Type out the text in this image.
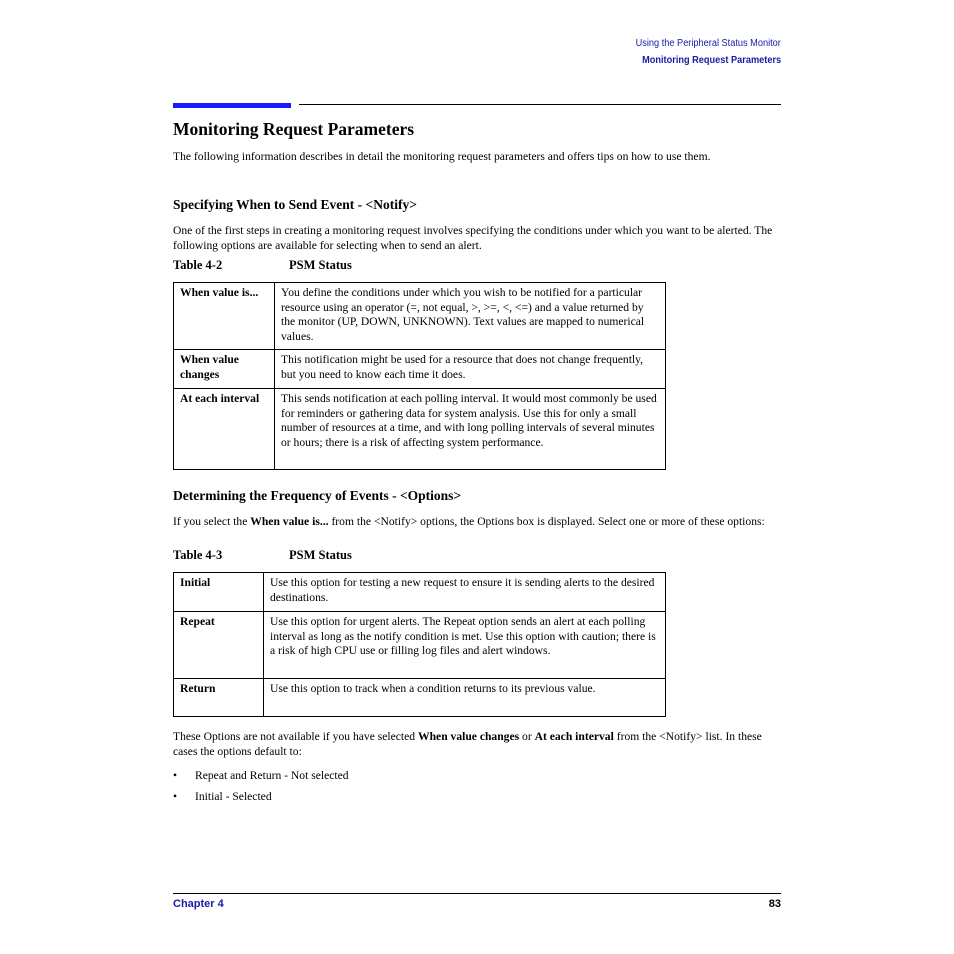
Using the Peripheral Status Monitor
Monitoring Request Parameters
Monitoring Request Parameters
The following information describes in detail the monitoring request parameters and offers tips on how to use them.
Specifying When to Send Event - <Notify>
One of the first steps in creating a monitoring request involves specifying the conditions under which you want to be alerted. The following options are available for selecting when to send an alert.
Table 4-2	PSM Status
When value is...	You define the conditions under which you wish to be notified for a particular resource using an operator (=, not equal, >, >=, <, <=) and a value returned by the monitor (UP, DOWN, UNKNOWN). Text values are mapped to numerical values.
When value changes	This notification might be used for a resource that does not change frequently, but you need to know each time it does.
At each interval	This sends notification at each polling interval. It would most commonly be used for reminders or gathering data for system analysis. Use this for only a small number of resources at a time, and with long polling intervals of several minutes or hours; there is a risk of affecting system performance.
Determining the Frequency of Events - <Options>
If you select the When value is... from the <Notify> options, the Options box is displayed. Select one or more of these options:
Table 4-3	PSM Status
Initial	Use this option for testing a new request to ensure it is sending alerts to the desired destinations.
Repeat	Use this option for urgent alerts. The Repeat option sends an alert at each polling interval as long as the notify condition is met. Use this option with caution; there is a risk of high CPU use or filling log files and alert windows.
Return	Use this option to track when a condition returns to its previous value.
These Options are not available if you have selected When value changes or At each interval from the <Notify> list. In these cases the options default to:
• Repeat and Return - Not selected
• Initial - Selected
Chapter 4	83
